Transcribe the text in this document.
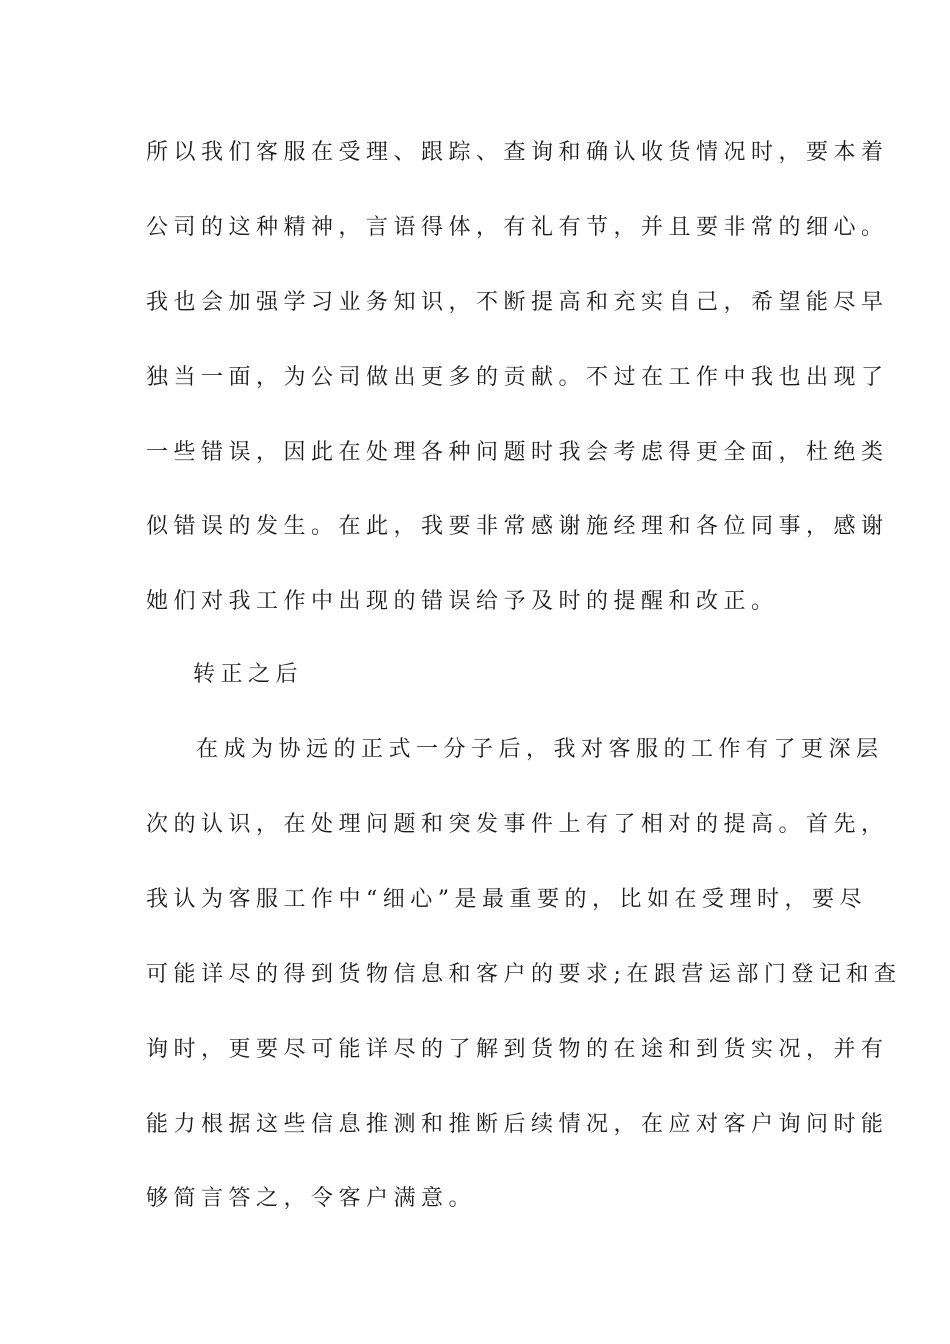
所以我们客服在受理、跟踪、查询和确认收货情况时，要本着
公司的这种精神，言语得体，有礼有节，并且要非常的细心。
我也会加强学习业务知识，不断提高和充实自己，希望能尽早
独当一面，为公司做出更多的贡献。不过在工作中我也出现了
一些错误，因此在处理各种问题时我会考虑得更全面，杜绝类
似错误的发生。在此，我要非常感谢施经理和各位同事，感谢
她们对我工作中出现的错误给予及时的提醒和改正。
转正之后
在成为协远的正式一分子后，我对客服的工作有了更深层
次的认识，在处理问题和突发事件上有了相对的提高。首先，
我认为客服工作中“细心”是最重要的，比如在受理时，要尽
可能详尽的得到货物信息和客户的要求;在跟营运部门登记和查
询时，更要尽可能详尽的了解到货物的在途和到货实况，并有
能力根据这些信息推测和推断后续情况，在应对客户询问时能
够简言答之，令客户满意。
